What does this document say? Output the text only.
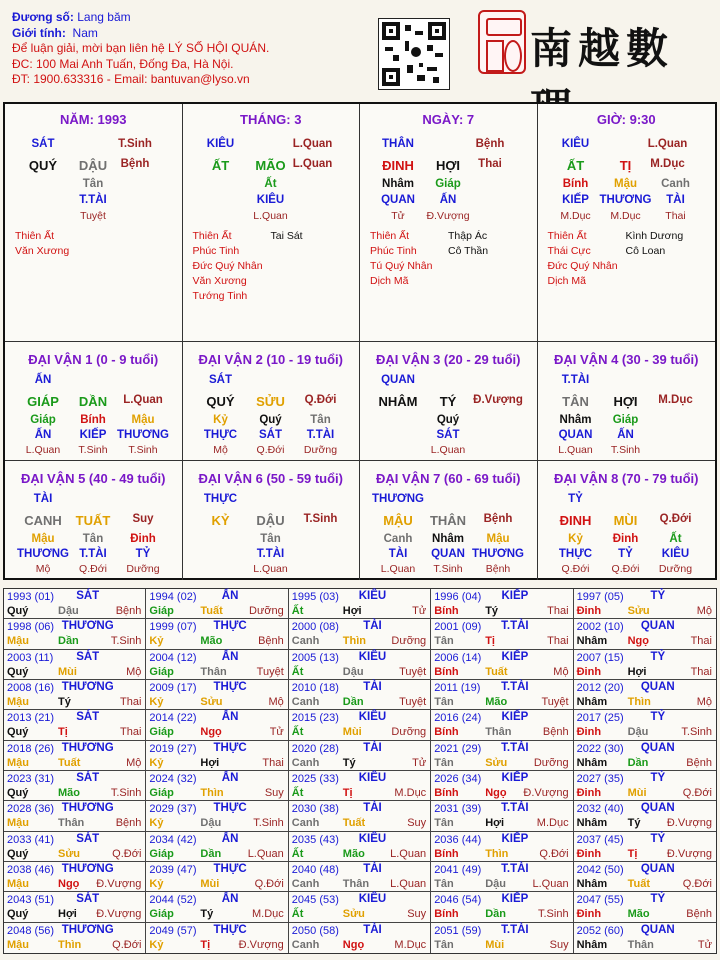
Đương số: Lang băm
Giới tính: Nam
Để luận giải, mời bạn liên hệ LÝ SỐ HỘI QUÁN.
ĐC: 100 Mai Anh Tuấn, Đống Đa, Hà Nội.
ĐT: 1900.633316 - Email: bantuvan@lyso.vn
南越數
NĂM: 1993
SÁT	T.Sinh
QUÝ DẬU Bệnh
Tân
T.TÀI
Tuyệt
Thiên Ất
Văn Xương
THÁNG: 3
KIÊU	L.Quan
ẤT MÃO L.Quan
Ất
KIÊU
L.Quan
Thiên Ất	Tai Sát
Phúc Tinh
Đức Quý Nhân
Văn Xương
Tướng Tinh
NGÀY: 7
THÂN	Bệnh
ĐINH HỢI Thai
Nhâm Giáp
QUAN ẤN
Tử Đ.Vượng
Thiên Ất	Thập Ác
Phúc Tinh	Cô Thần
Tú Quý Nhân
Dịch Mã
GIỜ: 9:30
KIÊU	L.Quan
ẤT	TỊ M.Dục
Bính Mậu Canh
KIẾP THƯƠNG TÀI
M.Dục M.Dục Thai
Thiên Ất	Kình Dương
Thái Cực	Cô Loan
Đức Quý Nhân
Dịch Mã
ĐẠI VẬN 1 (0 - 9 tuổi)
ẤN
GIÁP DẦN L.Quan
Giáp Bính Mậu
ẤN KIẾP THƯƠNG
L.Quan T.Sinh T.Sinh
ĐẠI VẬN 2 (10 - 19 tuổi)
SÁT
QUÝ SỬU Q.Đới
Kỷ	Quý Tân
THỰC SÁT T.TÀI
Mộ	Q.Đới Dưỡng
ĐẠI VẬN 3 (20 - 29 tuổi)
QUAN
NHÂM TÝ Đ.Vượng
Quý
SÁT
L.Quan
ĐẠI VẬN 4 (30 - 39 tuổi)
T.TÀI
TÂN HỢI M.Dục
Nhâm Giáp
QUAN ẤN
L.Quan T.Sinh
ĐẠI VẬN 5 (40 - 49 tuổi)
TÀI
CANH TUẤT Suy
Mậu Tân Đinh
THƯƠNG T.TÀI	TỶ
Mộ	Q.Đới Dưỡng
ĐẠI VẬN 6 (50 - 59 tuổi)
THỰC
KỶ DẬU T.Sinh
Tân
T.TÀI
L.Quan
ĐẠI VẬN 7 (60 - 69 tuổi)
THƯƠNG
MẬU THÂN Bệnh
Canh Nhâm Mậu
TÀI QUAN THƯƠNG
L.Quan T.Sinh Bệnh
ĐẠI VẬN 8 (70 - 79 tuổi)
TỶ
ĐINH MÙI Q.Đới
Kỷ	Đinh	Ất
THỰC TỶ	KIÊU
Q.Đới Q.Đới Dưỡng
1993 (01)	SÁT
Quý	Dậu	Bệnh
1994 (02)	ẤN
Giáp Tuất Dưỡng
1995 (03)	KIÊU
Ất	Hợi	Tử
1996 (04)	KIẾP
Bính Tý	Thai
1997 (05)	TỶ
Đinh Sửu	Mộ
1998 (06) THƯƠNG
Mậu	Dần	T.Sinh
1999 (07)	THỰC
Kỷ	Mão	Bệnh
2000 (08)	TÀI
Canh Thìn Dưỡng
2001 (09)	T.TÀI
Tân	Tị	Thai
2002 (10)	QUAN
Nhâm Ngọ	Thai
2003 (11)	SÁT
Quý	Mùi	Mộ
2004 (12)	ẤN
Giáp Thân	Tuyệt
2005 (13)	KIÊU
Ất	Dậu	Tuyệt
2006 (14)	KIẾP
Bính Tuất	Mộ
2007 (15)	TỶ
Đinh Hợi	Thai
2008 (16) THƯƠNG
Mậu	Tý	Thai
2009 (17)	THỰC
Kỷ	Sửu	Mộ
2010 (18)	TÀI
Canh Dần	Tuyệt
2011 (19)	T.TÀI
Tân	Mão	Tuyệt
2012 (20)	QUAN
Nhâm Thìn	Mộ
2013 (21)	SÁT
Quý	Tị	Thai
2014 (22)	ẤN
Giáp Ngọ	Tử
2015 (23)	KIÊU
Ất	Mùi	Dưỡng
2016 (24)	KIẾP
Bính Thân	Bệnh
2017 (25)	TỶ
Đinh Dậu	T.Sinh
2018 (26) THƯƠNG
Mậu	Tuất	Mộ
2019 (27)	THỰC
Kỷ	Hợi	Thai
2020 (28)	TÀI
Canh Tý	Tử
2021 (29)	T.TÀI
Tân	Sửu Dưỡng
2022 (30)	QUAN
Nhâm Dần	Bệnh
2023 (31)	SÁT
Quý	Mão	T.Sinh
2024 (32)	ẤN
Giáp Thìn	Suy
2025 (33)	KIÊU
Ất	Tị	M.Dục
2026 (34)	KIẾP
Bính Ngọ Đ.Vượng
2027 (35)	TỶ
Đinh Mùi	Q.Đới
2028 (36) THƯƠNG
Mậu	Thân	Bệnh
2029 (37)	THỰC
Kỷ	Dậu	T.Sinh
2030 (38)	TÀI
Canh Tuất	Suy
2031 (39)	T.TÀI
Tân	Hợi	M.Dục
2032 (40)	QUAN
Nhâm Tý Đ.Vượng
2033 (41)	SÁT
Quý	Sửu	Q.Đới
2034 (42)	ẤN
Giáp Dần L.Quan
2035 (43)	KIÊU
Ất	Mão L.Quan
2036 (44)	KIẾP
Bính Thìn	Q.Đới
2037 (45)	TỶ
Đinh Tị	Đ.Vượng
2038 (46) THƯƠNG
Mậu	Ngọ Đ.Vượng
2039 (47)	THỰC
Kỷ	Mùi	Q.Đới
2040 (48)	TÀI
Canh Thân L.Quan
2041 (49)	T.TÀI
Tân	Dậu L.Quan
2042 (50)	QUAN
Nhâm Tuất	Q.Đới
2043 (51)	SÁT
Quý	Hợi Đ.Vượng
2044 (52)	ẤN
Giáp Tý	M.Dục
2045 (53)	KIÊU
Ất	Sửu	Suy
2046 (54)	KIẾP
Bính Dần	T.Sinh
2047 (55)	TỶ
Đinh Mão	Bệnh
2048 (56) THƯƠNG
Mậu	Thìn	Q.Đới
2049 (57)	THỰC
Kỷ	Tị	Đ.Vượng
2050 (58)	TÀI
Canh Ngọ	M.Dục
2051 (59)	T.TÀI
Tân	Mùi	Suy
2052 (60)	QUAN
Nhâm Thân	Tử
